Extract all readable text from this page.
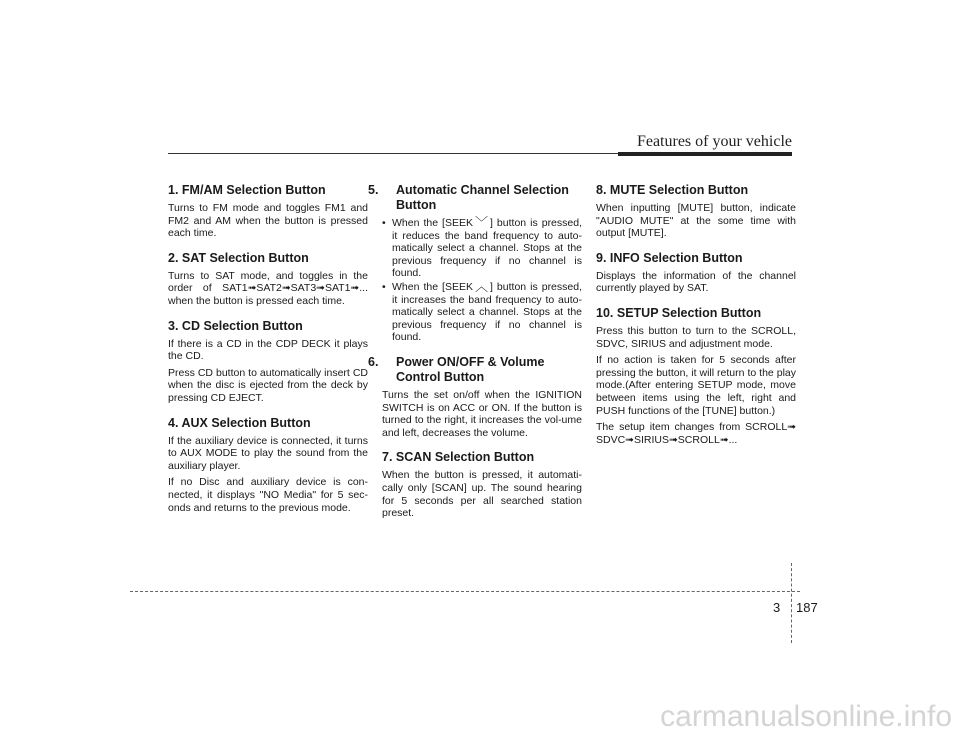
Features of your vehicle
1. FM/AM Selection Button

Turns to FM mode and toggles FM1 and FM2 and AM when the button is pressed each time.

2. SAT Selection Button

Turns to SAT mode, and toggles in the order of SAT1➟SAT2➟SAT3➟SAT1➟... when the button is pressed each time.

3. CD Selection Button

If there is a CD in the CDP DECK it plays the CD.

Press CD button to automatically insert CD when the disc is ejected from the deck by pressing CD EJECT.

4. AUX Selection Button

If the auxiliary device is connected, it turns to AUX MODE to play the sound from the auxiliary player.

If no Disc and auxiliary device is con-nected, it displays "NO Media" for 5 sec-onds and returns to the previous mode.

5. Automatic Channel Selection Button
• When the [SEEK ﹀ ] button is pressed, it reduces the band frequency to auto-matically select a channel. Stops at the previous frequency if no channel is found.
• When the [SEEK ︿ ] button is pressed, it increases the band frequency to auto-matically select a channel. Stops at the previous frequency if no channel is found.
6. Power ON/OFF & Volume Control Button

Turns the set on/off when the IGNITION SWITCH is on ACC or ON. If the button is turned to the right, it increases the vol-ume and left, decreases the volume.

7. SCAN Selection Button

When the button is pressed, it automati-cally only [SCAN] up. The sound hearing for 5 seconds per all searched station preset.

8. MUTE Selection Button

When inputting [MUTE] button, indicate "AUDIO MUTE" at the some time with output [MUTE].

9. INFO Selection Button

Displays the information of the channel currently played by SAT.

10. SETUP Selection Button

Press this button to turn to the SCROLL, SDVC, SIRIUS and adjustment mode.

If no action is taken for 5 seconds after pressing the button, it will return to the play mode.(After entering SETUP mode, move between items using the left, right and PUSH functions of the [TUNE] button.)

The setup item changes from SCROLL➟ SDVC➟SIRIUS➟SCROLL➟...

3 187
carmanualsonline.info
